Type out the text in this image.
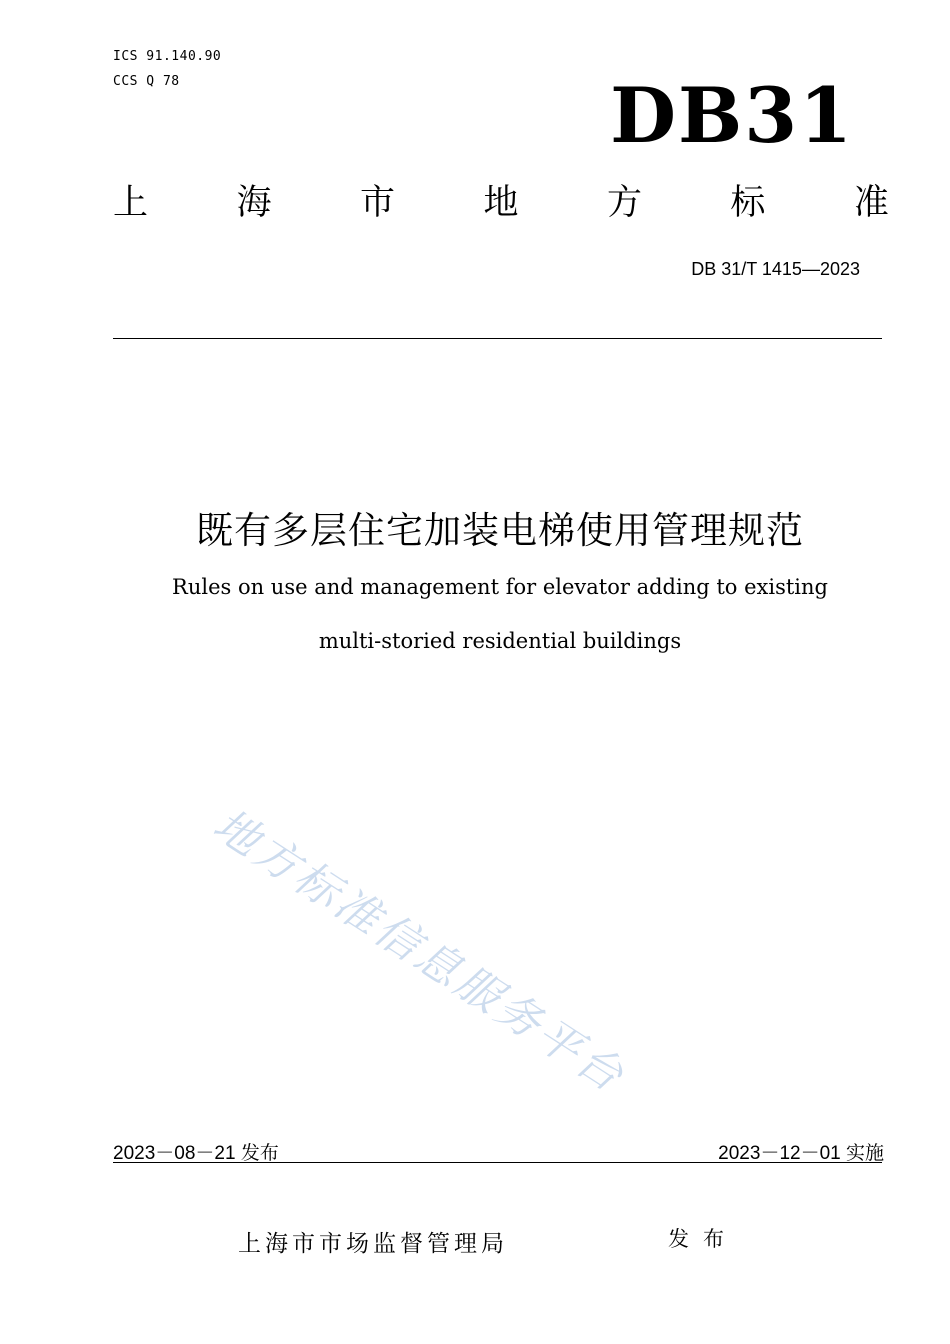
ICS 91.140.90
CCS Q 78	DB31
上	海	市	地	方	标	准
DB 31/T 1415—2023
既有多层住宅加装电梯使用管理规范
Rules on use and management for elevator adding to existing
multi-storied residential buildings
地方标准信息服务平台
2023－08－21 发布	2023－12－01 实施
上海市市场监督管理局	发布
